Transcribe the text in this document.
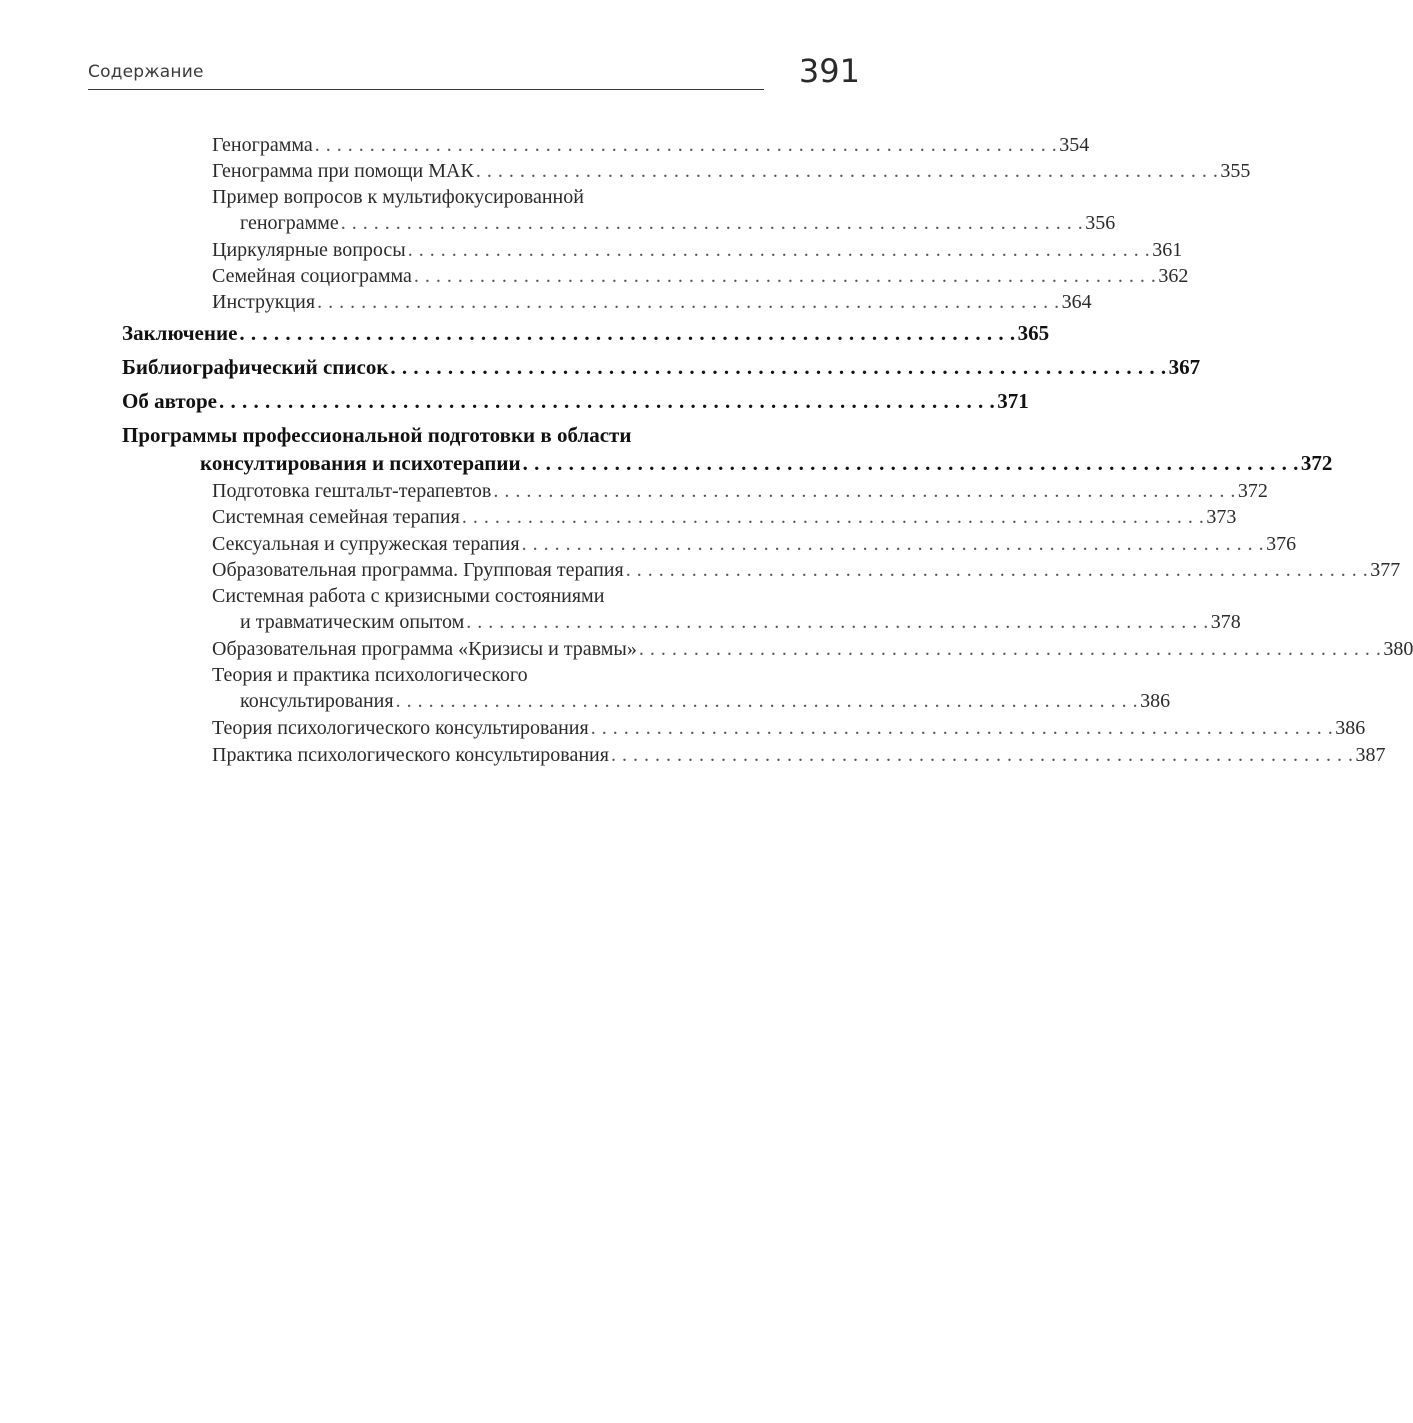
Содержание	391
Генограмма . . . . . . . . . . . . . . . . . . . . . . . . . . . . . . . . . . . . . . . . . . . . . . . . . . . . . . . . . . . . . . . . . . . . 354
Генограмма при помощи МАК . . . . . . . . . . . . . . . . . . . . . . . . . . . . . . . . . . . . . . . . . . . . . . . . . . . . . . . . . . . . . . . . . . . . 355
Пример вопросов к мультифокусированной
генограмме . . . . . . . . . . . . . . . . . . . . . . . . . . . . . . . . . . . . . . . . . . . . . . . . . . . . . . . . . . . . . . . . . . . . 356
Циркулярные вопросы . . . . . . . . . . . . . . . . . . . . . . . . . . . . . . . . . . . . . . . . . . . . . . . . . . . . . . . . . . . . . . . . . . . . 361
Семейная социограмма . . . . . . . . . . . . . . . . . . . . . . . . . . . . . . . . . . . . . . . . . . . . . . . . . . . . . . . . . . . . . . . . . . . . 362
Инструкция . . . . . . . . . . . . . . . . . . . . . . . . . . . . . . . . . . . . . . . . . . . . . . . . . . . . . . . . . . . . . . . . . . . . 364
Заключение . . . . . . . . . . . . . . . . . . . . . . . . . . . . . . . . . . . . . . . . . . . . . . . . . . . . . . . . . . . . . . . . . . . . 365
Библиографический список . . . . . . . . . . . . . . . . . . . . . . . . . . . . . . . . . . . . . . . . . . . . . . . . . . . . . . . . . . . . . . . . . . . . 367
Об авторе . . . . . . . . . . . . . . . . . . . . . . . . . . . . . . . . . . . . . . . . . . . . . . . . . . . . . . . . . . . . . . . . . . . . 371
Программы профессиональной подготовки в области
консултирования и психотерапии . . . . . . . . . . . . . . . . . . . . . . . . . . . . . . . . . . . . . . . . . . . . . . . . . . . . . . . . . . . . . . . . . . . . 372
Подготовка гештальт-терапевтов . . . . . . . . . . . . . . . . . . . . . . . . . . . . . . . . . . . . . . . . . . . . . . . . . . . . . . . . . . . . . . . . . . . . 372
Системная семейная терапия . . . . . . . . . . . . . . . . . . . . . . . . . . . . . . . . . . . . . . . . . . . . . . . . . . . . . . . . . . . . . . . . . . . . 373
Сексуальная и супружеская терапия . . . . . . . . . . . . . . . . . . . . . . . . . . . . . . . . . . . . . . . . . . . . . . . . . . . . . . . . . . . . . . . . . . . . 376
Образовательная программа. Групповая терапия . . . . . . . . . . . . . . . . . . . . . . . . . . . . . . . . . . . . . . . . . . . . . . . . . . . . . . . . . . . . . . . . . . . . 377
Системная работа с кризисными состояниями
и травматическим опытом . . . . . . . . . . . . . . . . . . . . . . . . . . . . . . . . . . . . . . . . . . . . . . . . . . . . . . . . . . . . . . . . . . . . 378
Образовательная программа «Кризисы и травмы» . . . . . . . . . . . . . . . . . . . . . . . . . . . . . . . . . . . . . . . . . . . . . . . . . . . . . . . . . . . . . . . . . . . . 380
Теория и практика психологического
консультирования . . . . . . . . . . . . . . . . . . . . . . . . . . . . . . . . . . . . . . . . . . . . . . . . . . . . . . . . . . . . . . . . . . . . 386
Теория психологического консультирования . . . . . . . . . . . . . . . . . . . . . . . . . . . . . . . . . . . . . . . . . . . . . . . . . . . . . . . . . . . . . . . . . . . . 386
Практика психологического консультирования . . . . . . . . . . . . . . . . . . . . . . . . . . . . . . . . . . . . . . . . . . . . . . . . . . . . . . . . . . . . . . . . . . . . 387
